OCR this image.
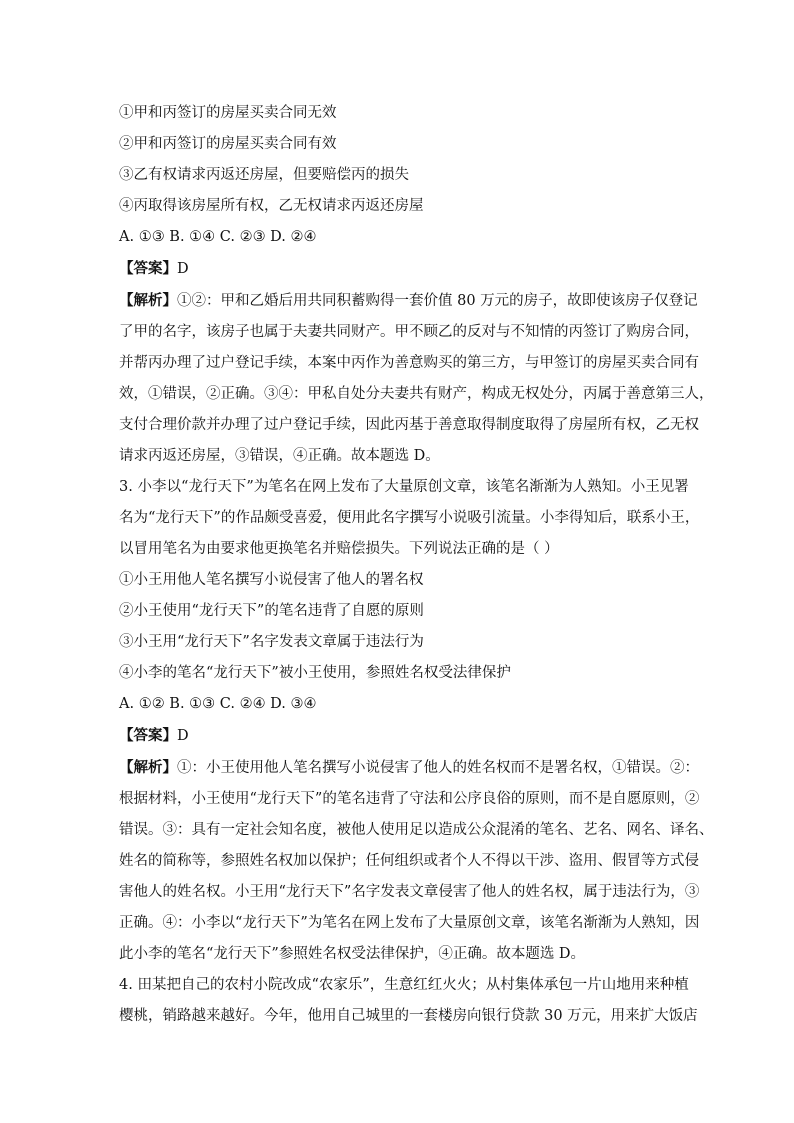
①甲和丙签订的房屋买卖合同无效
②甲和丙签订的房屋买卖合同有效
③乙有权请求丙返还房屋，但要赔偿丙的损失
④丙取得该房屋所有权，乙无权请求丙返还房屋
A. ①③ B. ①④ C. ②③ D. ②④
【答案】D
【解析】①②：甲和乙婚后用共同积蓄购得一套价值 80 万元的房子，故即使该房子仅登记
了甲的名字，该房子也属于夫妻共同财产。甲不顾乙的反对与不知情的丙签订了购房合同，
并帮丙办理了过户登记手续，本案中丙作为善意购买的第三方，与甲签订的房屋买卖合同有
效，①错误，②正确。③④：甲私自处分夫妻共有财产，构成无权处分，丙属于善意第三人，
支付合理价款并办理了过户登记手续，因此丙基于善意取得制度取得了房屋所有权，乙无权
请求丙返还房屋，③错误，④正确。故本题选 D。
3. 小李以“龙行天下”为笔名在网上发布了大量原创文章，该笔名渐渐为人熟知。小王见署
名为“龙行天下”的作品颇受喜爱，便用此名字撰写小说吸引流量。小李得知后，联系小王，
以冒用笔名为由要求他更换笔名并赔偿损失。下列说法正确的是（ ）
①小王用他人笔名撰写小说侵害了他人的署名权
②小王使用“龙行天下”的笔名违背了自愿的原则
③小王用“龙行天下”名字发表文章属于违法行为
④小李的笔名“龙行天下”被小王使用，参照姓名权受法律保护
A. ①② B. ①③ C. ②④ D. ③④
【答案】D
【解析】①：小王使用他人笔名撰写小说侵害了他人的姓名权而不是署名权，①错误。②：
根据材料，小王使用“龙行天下”的笔名违背了守法和公序良俗的原则，而不是自愿原则，②
错误。③：具有一定社会知名度，被他人使用足以造成公众混淆的笔名、艺名、网名、译名、
姓名的简称等，参照姓名权加以保护；任何组织或者个人不得以干涉、盗用、假冒等方式侵
害他人的姓名权。小王用“龙行天下”名字发表文章侵害了他人的姓名权，属于违法行为，③
正确。④：小李以“龙行天下”为笔名在网上发布了大量原创文章，该笔名渐渐为人熟知，因
此小李的笔名“龙行天下”参照姓名权受法律保护，④正确。故本题选 D。
4. 田某把自己的农村小院改成“农家乐”，生意红红火火；从村集体承包一片山地用来种植
樱桃，销路越来越好。今年，他用自己城里的一套楼房向银行贷款 30 万元，用来扩大饭店
